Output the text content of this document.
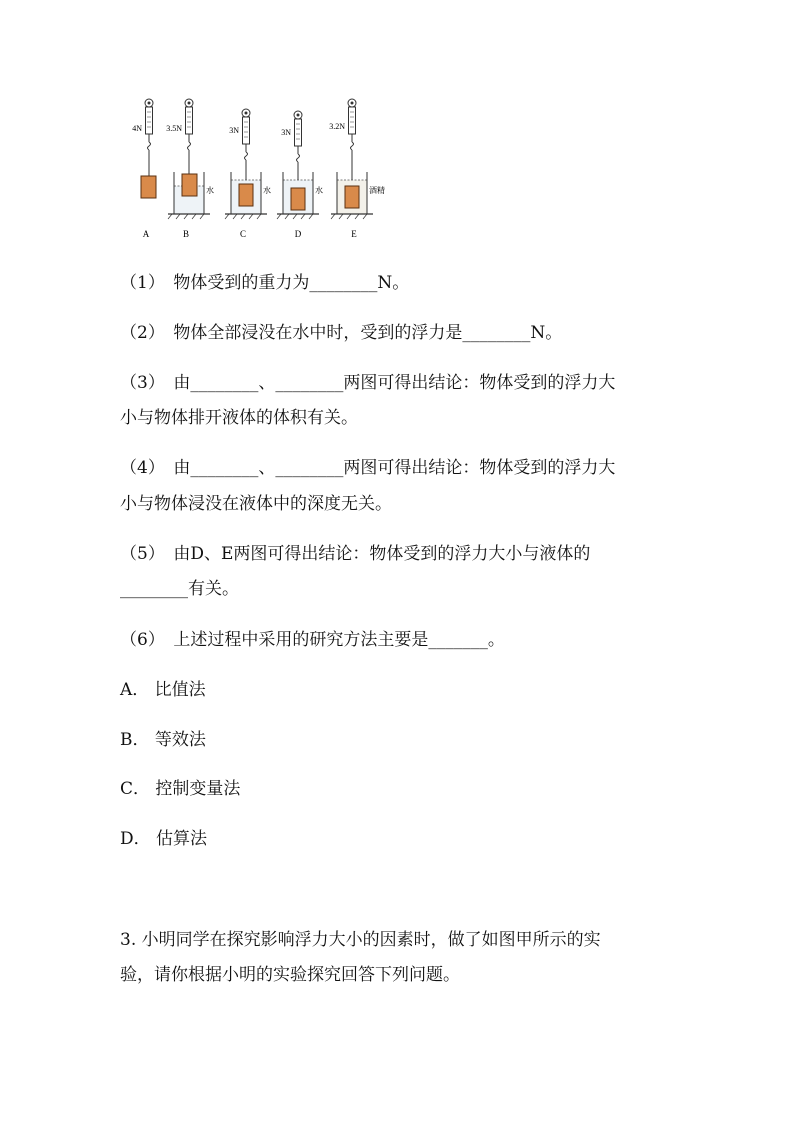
4N
A
3.5N
水
B
3N
水
C
3N
水
D
3.2N
酒精
E
（1）　物体受到的重力为________N。
（2）　物体全部浸没在水中时，受到的浮力是________N。
（3）　由________、________两图可得出结论：物体受到的浮力大
小与物体排开液体的体积有关。
（4）　由________、________两图可得出结论：物体受到的浮力大
小与物体浸没在液体中的深度无关。
（5）　由D、E两图可得出结论：物体受到的浮力大小与液体的
________有关。
（6）　上述过程中采用的研究方法主要是_______。
A． 比值法
B． 等效法
C． 控制变量法
D． 估算法
3. 小明同学在探究影响浮力大小的因素时，做了如图甲所示的实
验，请你根据小明的实验探究回答下列问题。
